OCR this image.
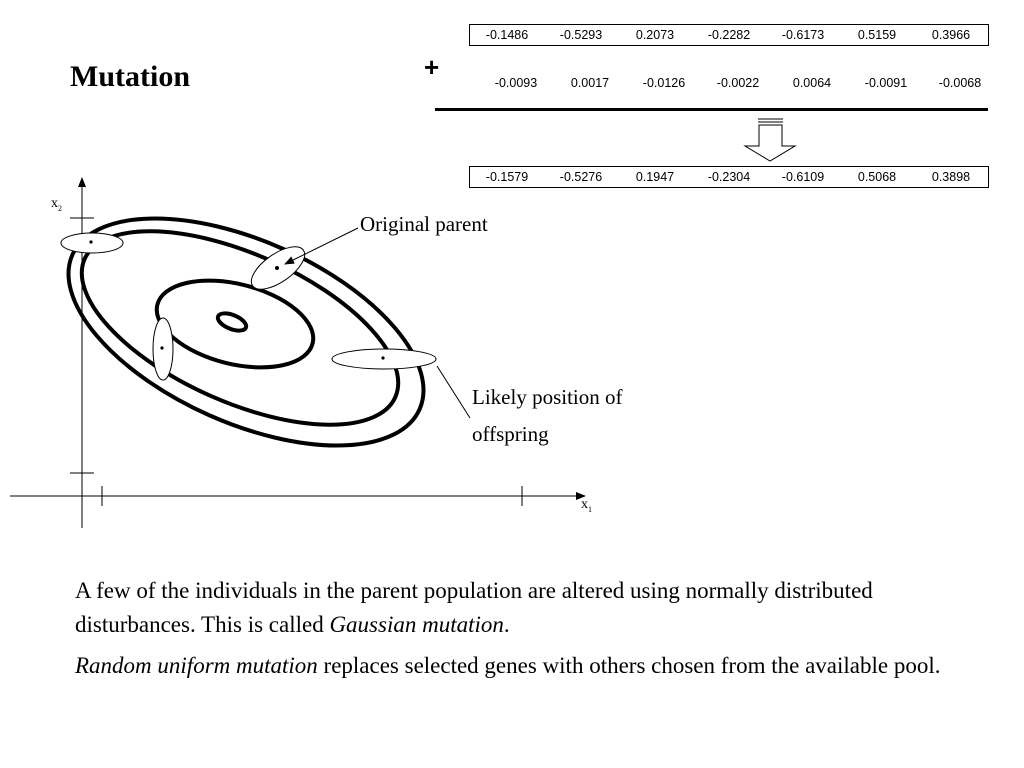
Mutation	+
-0.1486	-0.5293	0.2073	-0.2282	-0.6173	0.5159	0.3966
-0.0093	0.0017	-0.0126	-0.0022	0.0064	-0.0091	-0.0068
-0.1579	-0.5276	0.1947	-0.2304	-0.6109	0.5068	0.3898
$x_2$
$x_1$
Original parent
Likely position of
offspring
A few of the individuals in the parent population are altered using normally distributed disturbances. This is called Gaussian mutation.
Random uniform mutation replaces selected genes with others chosen from the available pool.
